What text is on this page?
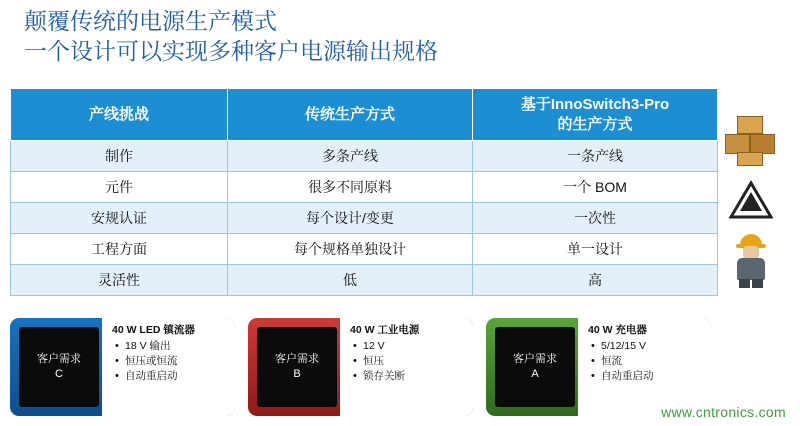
颠覆传统的电源生产模式
一个设计可以实现多种客户电源输出规格
产线挑战	传统生产方式	基于InnoSwitch3-Pro
的生产方式
制作	多条产线	一条产线
元件	很多不同原料	一个 BOM
安规认证	每个设计/变更	一次性
工程方面	每个规格单独设计	单一设计
灵活性	低	高
客户需求
C
40 W LED 镇流器
• 18 V 输出
• 恒压或恒流
• 自动重启动
客户需求
B
40 W 工业电源
• 12 V
• 恒压
• 锁存关断
客户需求
A
40 W 充电器
• 5/12/15 V
• 恒流
• 自动重启动
www.cntronics.com
